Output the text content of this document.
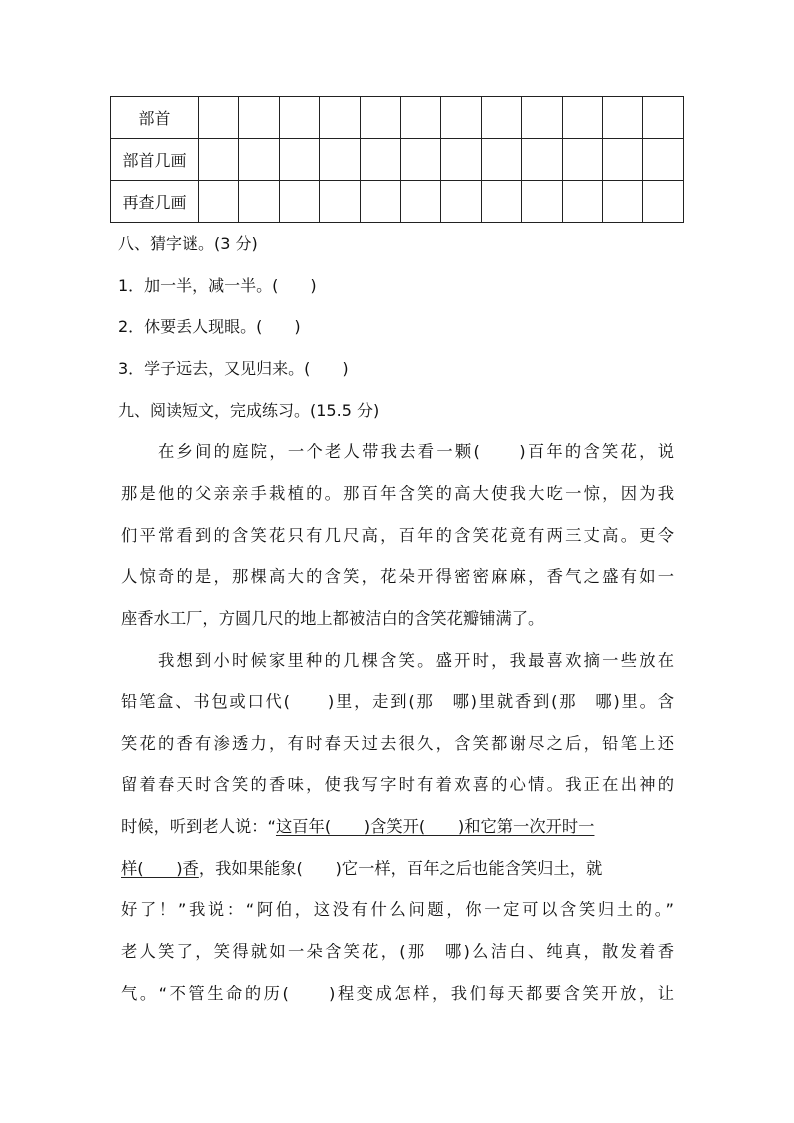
部首												
部首几画												
再查几画												
八、猜字谜。(3 分)
1．加一半，减一半。(　　)
2．休要丢人现眼。(　　)
3．学子远去，又见归来。(　　)
九、阅读短文，完成练习。(15.5 分)
在乡间的庭院，一个老人带我去看一颗(　　)百年的含笑花，说
那是他的父亲亲手栽植的。那百年含笑的高大使我大吃一惊，因为我
们平常看到的含笑花只有几尺高，百年的含笑花竟有两三丈高。更令
人惊奇的是，那棵高大的含笑，花朵开得密密麻麻，香气之盛有如一
座香水工厂，方圆几尺的地上都被洁白的含笑花瓣铺满了。
我想到小时候家里种的几棵含笑。盛开时，我最喜欢摘一些放在
铅笔盒、书包或口代(　　)里，走到(那　哪)里就香到(那　哪)里。含
笑花的香有渗透力，有时春天过去很久，含笑都谢尽之后，铅笔上还
留着春天时含笑的香味，使我写字时有着欢喜的心情。我正在出神的
时候，听到老人说：“这百年(　　)含笑开(　　)和它第一次开时一
样(　　)香，我如果能象(　　)它一样，百年之后也能含笑归土，就
好了！”我说：“阿伯，这没有什么问题，你一定可以含笑归土的。”
老人笑了，笑得就如一朵含笑花，(那　哪)么洁白、纯真，散发着香
气。“不管生命的历(　　)程变成怎样，我们每天都要含笑开放，让
